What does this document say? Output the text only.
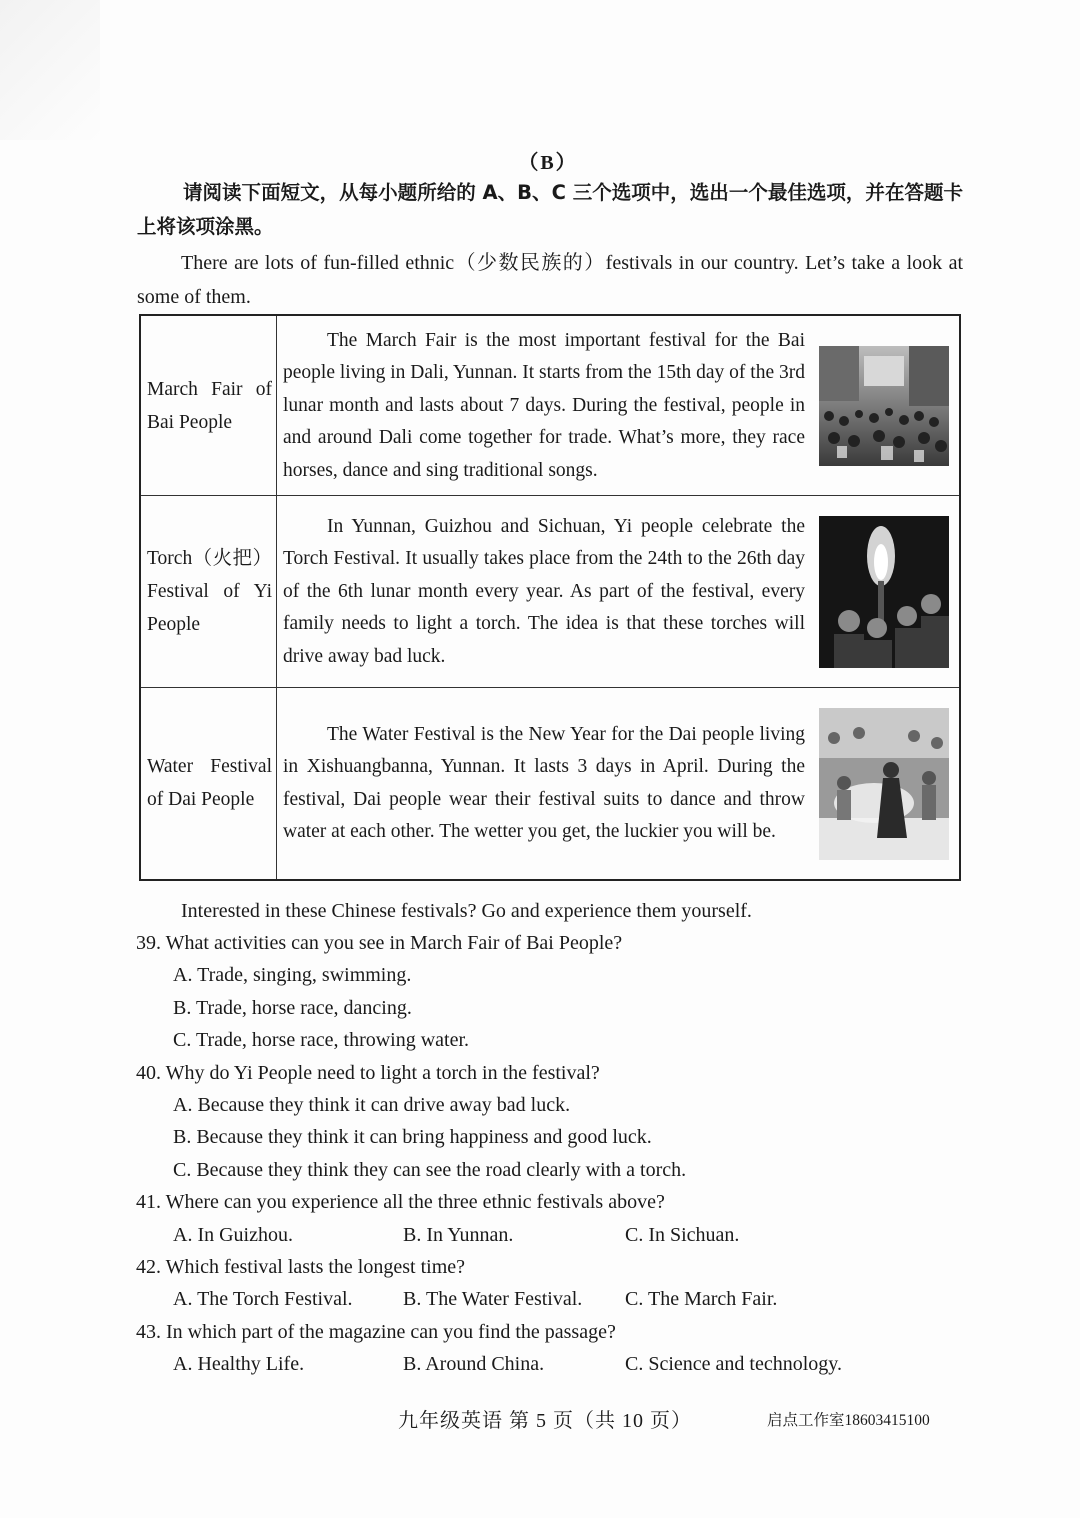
（B）
请阅读下面短文，从每小题所给的 A、B、C 三个选项中，选出一个最佳选项，并在答题卡上将该项涂黑。
There are lots of fun-filled ethnic（少数民族的）festivals in our country. Let’s take a look at some of them.
March Fair of Bai People	The March Fair is the most important festival for the Bai people living in Dali, Yunnan. It starts from the 15th day of the 3rd lunar month and lasts about 7 days. During the festival, people in and around Dali come together for trade. What’s more, they race horses, dance and sing traditional songs.

Torch（火把）Festival of Yi People	In Yunnan, Guizhou and Sichuan, Yi people celebrate the Torch Festival. It usually takes place from the 24th to the 26th day of the 6th lunar month every year. As part of the festival, every family needs to light a torch. The idea is that these torches will drive away bad luck.

Water Festival of Dai People	The Water Festival is the New Year for the Dai people living in Xishuangbanna, Yunnan. It lasts 3 days in April. During the festival, Dai people wear their festival suits to dance and throw water at each other. The wetter you get, the luckier you will be.
Interested in these Chinese festivals? Go and experience them yourself.
39. What activities can you see in March Fair of Bai People?
A. Trade, singing, swimming.
B. Trade, horse race, dancing.
C. Trade, horse race, throwing water.
40. Why do Yi People need to light a torch in the festival?
A. Because they think it can drive away bad luck.
B. Because they think it can bring happiness and good luck.
C. Because they think they can see the road clearly with a torch.
41. Where can you experience all the three ethnic festivals above?
A. In Guizhou.	B. In Yunnan.	C. In Sichuan.
42. Which festival lasts the longest time?
A. The Torch Festival.	B. The Water Festival. C. The March Fair.
43. In which part of the magazine can you find the passage?
A. Healthy Life.	B. Around China.	C. Science and technology.
九年级英语 第 5 页（共 10 页）	启点工作室18603415100
